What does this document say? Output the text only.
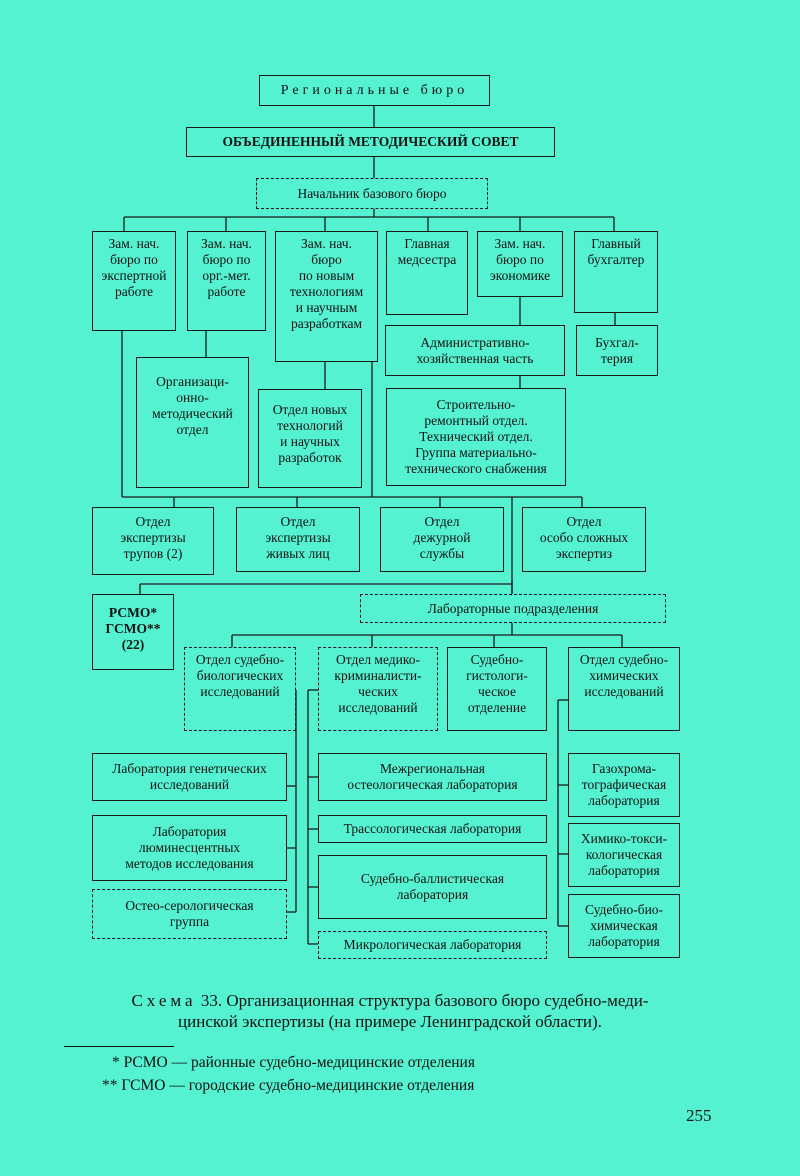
Региональные бюро
ОБЪЕДИНЕННЫЙ МЕТОДИЧЕСКИЙ СОВЕТ
Начальник базового бюро
Зам. нач.
бюро по
экспертной
работе
Зам. нач.
бюро по
орг.-мет.
работе
Зам. нач.
бюро
по новым
технологиям
и научным
разработкам
Главная
медсестра
Зам. нач.
бюро по
экономике
Главный
бухгалтер
Административно-
хозяйственная часть
Бухгал-
терия
Организаци-
онно-
методический
отдел
Отдел новых
технологий
и научных
разработок
Строительно-
ремонтный отдел.
Технический отдел.
Группа материально-
технического снабжения
Отдел
экспертизы
трупов (2)
Отдел
экспертизы
живых лиц
Отдел
дежурной
службы
Отдел
особо сложных
экспертиз
РСМО*
ГСМО**
(22)
Лабораторные подразделения
Отдел судебно-
биологических
исследований
Отдел медико-
криминалисти-
ческих
исследований
Судебно-
гистологи-
ческое
отделение
Отдел судебно-
химических
исследований
Лаборатория генетических
исследований
Лаборатория
люминесцентных
методов исследования
Остео-серологическая
группа
Межрегиональная
остеологическая лаборатория
Трассологическая лаборатория
Судебно-баллистическая
лаборатория
Микрологическая лаборатория
Газохрома-
тографическая
лаборатория
Химико-токси-
кологическая
лаборатория
Судебно-био-
химическая
лаборатория
Схема 33. Организационная структура базового бюро судебно-меди-
цинской экспертизы (на примере Ленинградской области).
* РСМО — районные судебно-медицинские отделения
** ГСМО — городские судебно-медицинские отделения
255
